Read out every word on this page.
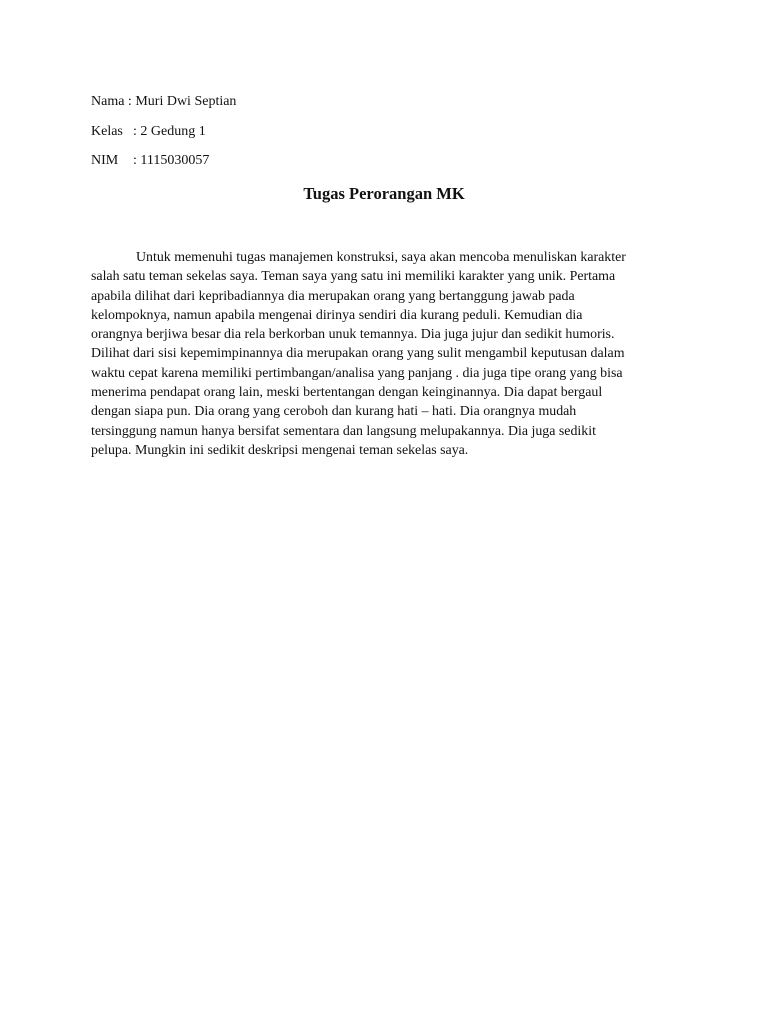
Nama : Muri Dwi Septian
Kelas : 2 Gedung 1
NIM : 1115030057
Tugas Perorangan MK
Untuk memenuhi tugas manajemen konstruksi, saya akan mencoba menuliskan karakter
salah satu teman sekelas saya. Teman saya yang satu ini memiliki karakter yang unik. Pertama
apabila dilihat dari kepribadiannya dia merupakan orang yang bertanggung jawab pada
kelompoknya, namun apabila mengenai dirinya sendiri dia kurang peduli. Kemudian dia
orangnya berjiwa besar dia rela berkorban unuk temannya. Dia juga jujur dan sedikit humoris.
Dilihat dari sisi kepemimpinannya dia merupakan orang yang sulit mengambil keputusan dalam
waktu cepat karena memiliki pertimbangan/analisa yang panjang . dia juga tipe orang yang bisa
menerima pendapat orang lain, meski bertentangan dengan keinginannya. Dia dapat bergaul
dengan siapa pun. Dia orang yang ceroboh dan kurang hati – hati. Dia orangnya mudah
tersinggung namun hanya bersifat sementara dan langsung melupakannya. Dia juga sedikit
pelupa. Mungkin ini sedikit deskripsi mengenai teman sekelas saya.
